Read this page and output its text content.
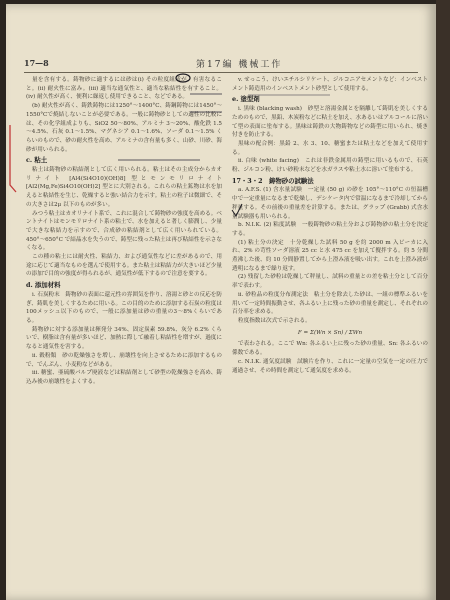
17—8	第17編 機械工作

量を含有する。鋳物砂に適するには砂は(i) その粒度組成が、有害なること。(ii) 耐火性に富み。(iii) 適当な通気性と、適当な粘結性を有すること。(iv) 耐久性が高く、便利に繰返し使用できること、などである。

(b) 耐火性が高く、鋳鉄鋳物には1250°～1400°C、鋳鋼鋳物には1450°～1550°Cで焼結しないことが必要である。一般に鋳物砂としての適性の比較には、その化学組成よりも、SiO2 50～80%、アルミナ 3～20%、酸化鉄 1.5～4.5%、石灰 0.1～1.5%、マグネシア 0.1～1.6%、ソーダ 0.1～1.5% くらいのもので、砂の耐火性を高め、アルミナの含有量も多く、山砂、川砂、海砂が用いられる。

c. 粘土

粘土は鋳物砂の粘結剤として広く用いられる。粘土はその主成分からカオリナイト [Al4(Si4O10)(OH)8] 型とモンモリロナイト [Al2(Mg,Fe)Si4O10(OH)2] 型とに大別される。これらの粘土鉱物は水を加えると粘結性を生じ、乾燥すると強い結合力を示す。粘土の粒子は微細で、その大きさは2μ 以下のものが多い。

みつう粘土はカオリナイト系で、これに混合して鋳物砂の強度を高める。ベントナイトはモンモリロナイト系の粘土で、水を加えると著しく膨潤し、少量で大きな粘結力を示すので、合成砂の粘結剤として広く用いられている。450°～650°C で結晶水を失うので、鋳型に残った粘土は再び粘結性を示さなくなる。

この種の粘土には耐火性、粘結力、および通気性などに差があるので、用途に応じて適当なものを選んで使用する。また粘土は粘結力が大きいほど少量の添加で目的の強度が得られるが、通気性が低下するので注意を要する。

d. 添加材料

i. 石炭粉末　鋳物砂の表面に還元性の雰囲気を作り、溶湯と砂との反応を防ぎ、鋳肌を美しくするために用いる。この目的のために添加する石炭の粒度は100メッシュ以下のもので、一般に添加量は砂の重量の3～8%くらいである。

鋳物砂に対する添加量は揮発分 34%、固定炭素 59.8%、灰分 6.2% くらいで、樹脂は含有量が多いほど、加熱に際して融着し粘結性を増すが、過度になると通気性を害する。

ii. 穀粉類　砂の乾燥強さを増し、崩壊性を向上させるために添加するもので、でんぷん、小麦粉などがある。

iii. 糖蜜、亜硫酸パルプ廃液などは粘結剤として砂型の乾燥強さを高め、鋳込み後の崩壊性をよくする。

v. せっこう、けいエチルシリケート、ジルコニアセメントなど：インベストメント鋳造用のインベストメント砂型として使用する。

e. 塗型剤

i. 黒味 (blacking wash)　砂型と溶湯金属とを隔離して鋳肌を美しくするためのもので、黒鉛、木炭粉などに粘土を加え、水あるいはアルコールに溶いて型の表面に塗布する。黒味は鋳鉄の大物鋳物などの鋳型に用いられ、焼き付きを防止する。

黒味の配合例：黒鉛 2、水 3、10、糖蜜または粘土などを加えて使用する。

ii. 白味 (white facing)　これは非鉄金属用の鋳型に用いるもので、石英粉、ジルコン粉、けい砂粉末などを水ガラスや粘土水に溶いて塗布する。

17・3・2　鋳物砂の試験法

a. A.F.S. (1) 含水量試験　一定量 (50 g) の砂を 105°～110°C の恒温槽中で一定重量になるまで乾燥し、デシケータ内で常温になるまで冷却してから秤量する。その前後の重量差を計算する。または、グラップ (Grabb) 式含水量試験器も用いられる。

b. N.I.K. (2) 粘度試験　一般鋳物砂の粘土分および鋳物砂の粘土分を決定する。

(1) 粘土分の決定　十分乾燥した試料 50 g を約 2000 m 入ビーカに入れ、2% の苛性ソーダ溶液 25 cc と水 475 cc を加えて攪拌する。約 5 分間煮沸した後、約 10 分間静置してから上澄み液を吸い出す。これを上澄み液が透明になるまで繰り返す。

(2) 残留した砂粒は乾燥して秤量し、試料の重量との差を粘土分として百分率で表わす。

ii. 砂粒品の粒度分布測定法　粘土分を除去した砂は、一組の標準ふるいを用いて一定時間振動させ、各ふるい上に残った砂の重量を測定し、それぞれの百分率を求める。

粒度指数は次式で示される。

F = Σ(Wn × Sn) / ΣWn

で表わされる。ここで Wn: 各ふるい上に残った砂の重量、Sn: 各ふるいの係数である。

c. N.I.K. 通気度試験　試験片を作り、これに一定量の空気を一定の圧力で通過させ、その時間を測定して通気度を求める。
